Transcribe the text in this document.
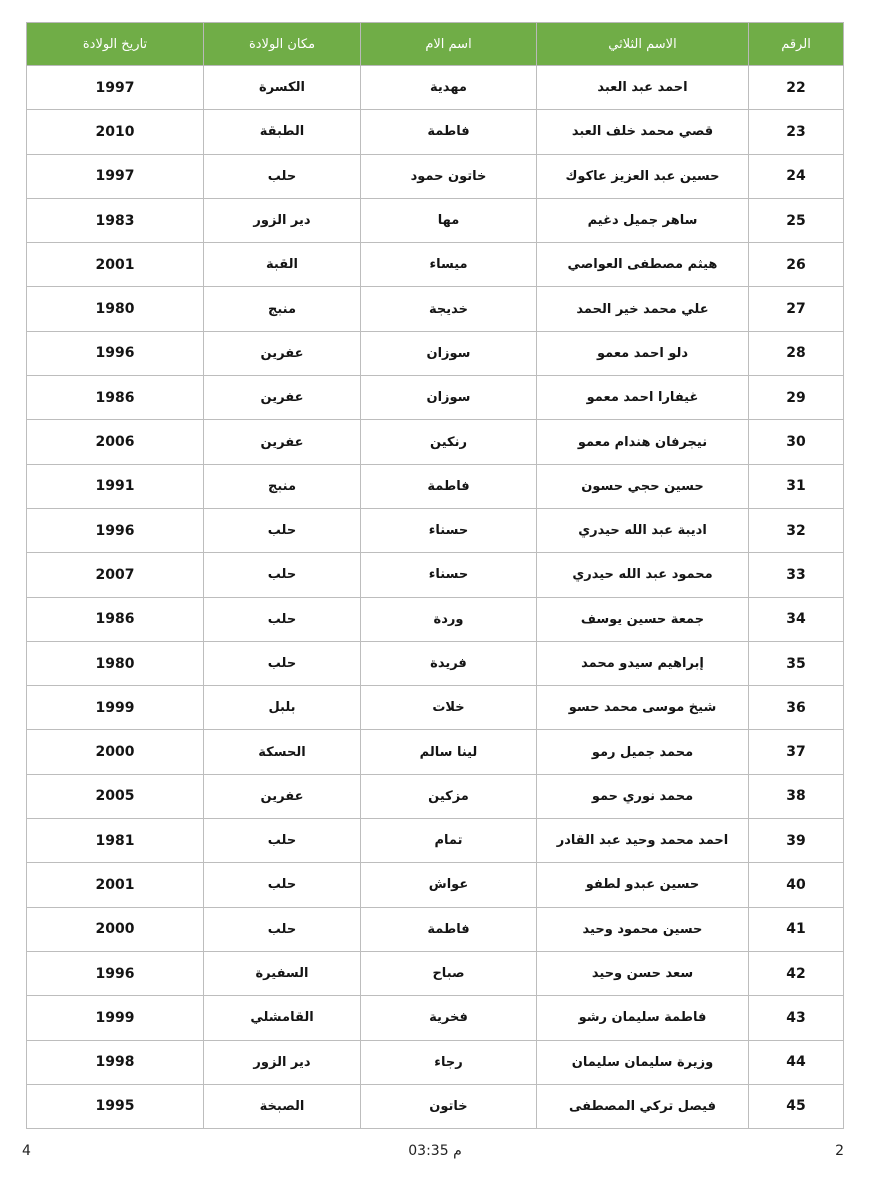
الرقم	الاسم الثلاثي	اسم الام	مكان الولادة	تاريخ الولادة
22	احمد عبد العبد	مهدية	الكسرة	1997
23	قصي محمد خلف العبد	فاطمة	الطبقة	2010
24	حسين عبد العزيز عاكوك	خاتون حمود	حلب	1997
25	ساهر جميل دغيم	مها	دير الزور	1983
26	هيثم مصطفى العواصي	ميساء	القبة	2001
27	علي محمد خير الحمد	خديجة	منبج	1980
28	دلو احمد معمو	سوزان	عفرين	1996
29	غيفارا احمد معمو	سوزان	عفرين	1986
30	نيجرفان هندام معمو	رنكين	عفرين	2006
31	حسين حجي حسون	فاطمة	منبج	1991
32	اديبة عبد الله حيدري	حسناء	حلب	1996
33	محمود عبد الله حيدري	حسناء	حلب	2007
34	جمعة حسين يوسف	وردة	حلب	1986
35	إبراهيم سيدو محمد	فريدة	حلب	1980
36	شيخ موسى محمد حسو	خلات	بلبل	1999
37	محمد جميل رمو	لينا سالم	الحسكة	2000
38	محمد نوري حمو	مزكين	عفرين	2005
39	احمد محمد وحيد عبد القادر	تمام	حلب	1981
40	حسين عبدو لطفو	عواش	حلب	2001
41	حسين محمود وحيد	فاطمة	حلب	2000
42	سعد حسن وحيد	صباح	السفيرة	1996
43	فاطمة سليمان رشو	فخرية	القامشلي	1999
44	وزيرة سليمان سليمان	رجاء	دير الزور	1998
45	فيصل تركي المصطفى	خاتون	الصبخة	1995
4	03:35 م	2
